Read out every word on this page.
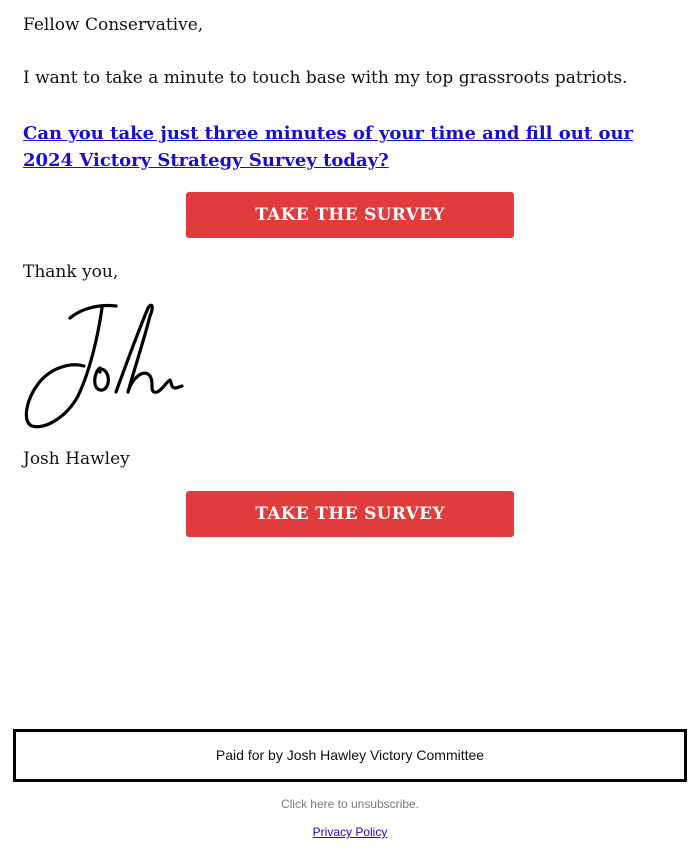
Fellow Conservative,
I want to take a minute to touch base with my top grassroots patriots.
Can you take just three minutes of your time and fill out our 2024 Victory Strategy Survey today?
TAKE THE SURVEY
Thank you,
Josh Hawley
TAKE THE SURVEY
Paid for by Josh Hawley Victory Committee
Click here to unsubscribe.
Privacy Policy
